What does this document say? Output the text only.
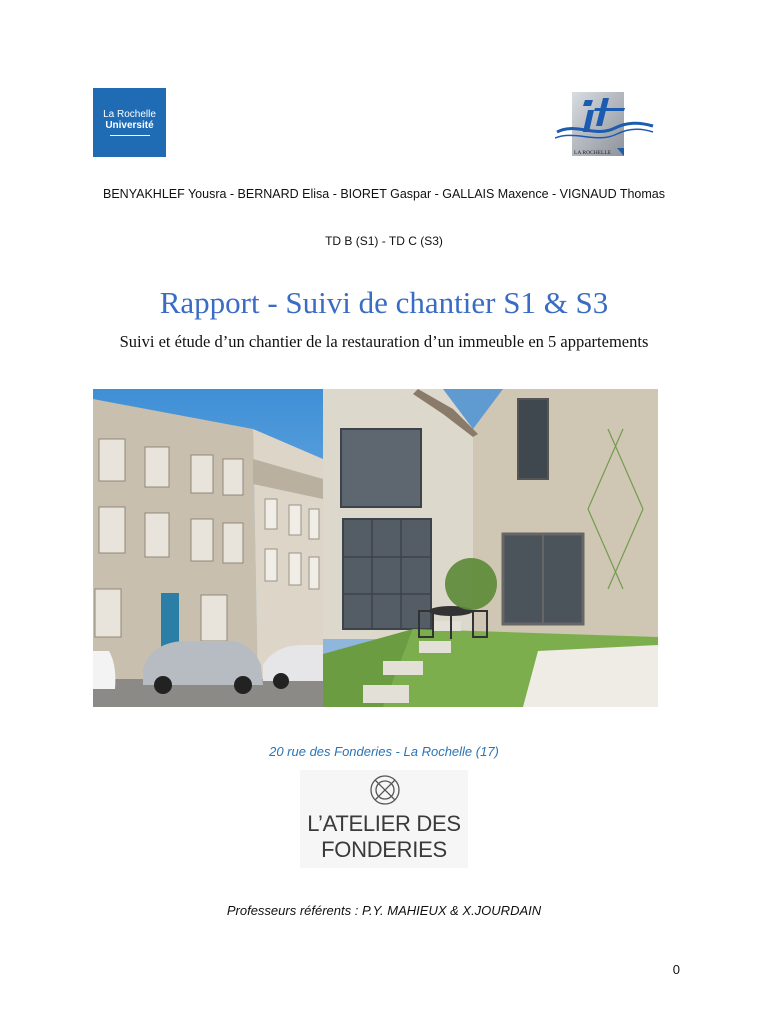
La Rochelle
Université
LA ROCHELLE
BENYAKHLEF Yousra - BERNARD Elisa - BIORET Gaspar - GALLAIS Maxence - VIGNAUD Thomas
TD B (S1) - TD C (S3)
Rapport - Suivi de chantier S1 & S3
Suivi et étude d’un chantier de la restauration d’un immeuble en 5 appartements
20 rue des Fonderies - La Rochelle (17)
L’ATELIER DES FONDERIES
Professeurs référents : P.Y. MAHIEUX & X.JOURDAIN
0
